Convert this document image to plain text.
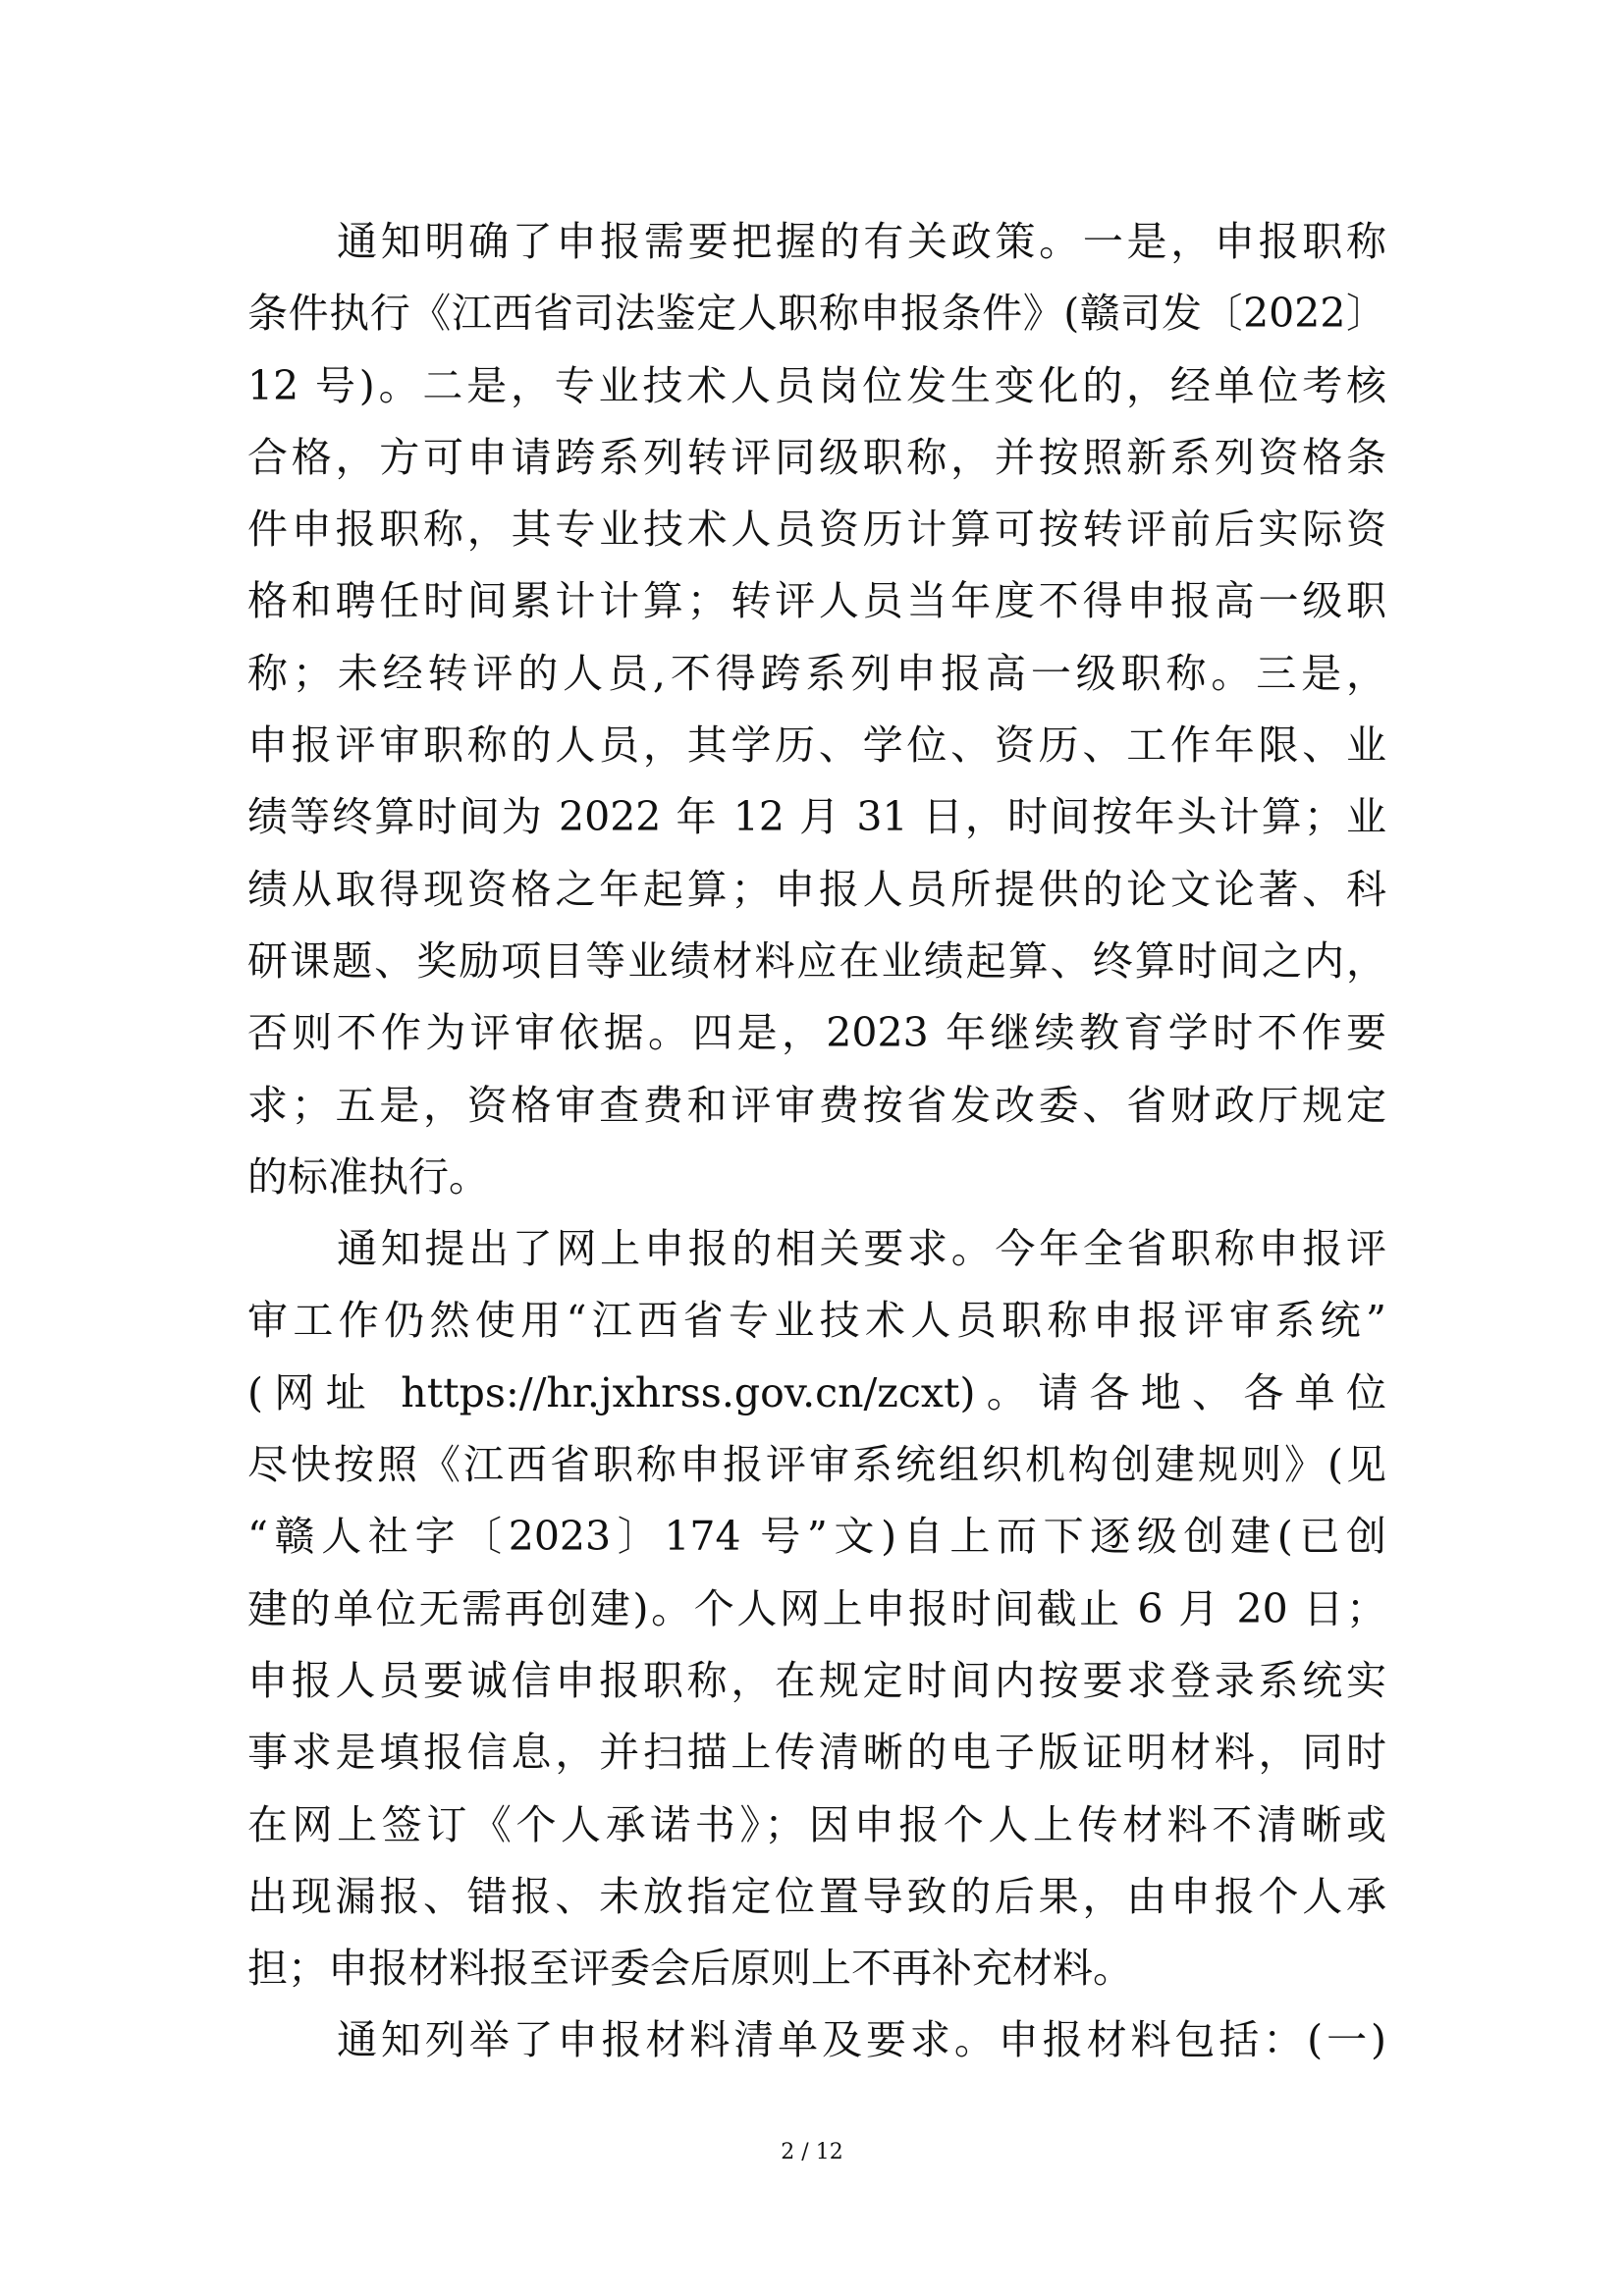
通知明确了申报需要把握的有关政策。一是，申报职称
条件执行《江西省司法鉴定人职称申报条件》(赣司发〔2022〕
12 号)。二是，专业技术人员岗位发生变化的，经单位考核
合格，方可申请跨系列转评同级职称，并按照新系列资格条
件申报职称，其专业技术人员资历计算可按转评前后实际资
格和聘任时间累计计算；转评人员当年度不得申报高一级职
称；未经转评的人员,不得跨系列申报高一级职称。三是，
申报评审职称的人员，其学历、学位、资历、工作年限、业
绩等终算时间为 2022 年 12 月 31 日，时间按年头计算；业
绩从取得现资格之年起算；申报人员所提供的论文论著、科
研课题、奖励项目等业绩材料应在业绩起算、终算时间之内，
否则不作为评审依据。四是，2023 年继续教育学时不作要
求；五是，资格审查费和评审费按省发改委、省财政厅规定
的标准执行。
通知提出了网上申报的相关要求。今年全省职称申报评
审工作仍然使用“江西省专业技术人员职称申报评审系统”
(网址 https://hr.jxhrss.gov.cn/zcxt)。请各地、各单位
尽快按照《江西省职称申报评审系统组织机构创建规则》(见
“赣人社字〔2023〕174 号”文)自上而下逐级创建(已创
建的单位无需再创建)。个人网上申报时间截止 6 月 20 日；
申报人员要诚信申报职称，在规定时间内按要求登录系统实
事求是填报信息，并扫描上传清晰的电子版证明材料，同时
在网上签订《个人承诺书》；因申报个人上传材料不清晰或
出现漏报、错报、未放指定位置导致的后果，由申报个人承
担；申报材料报至评委会后原则上不再补充材料。
通知列举了申报材料清单及要求。申报材料包括：(一)
2 / 12
